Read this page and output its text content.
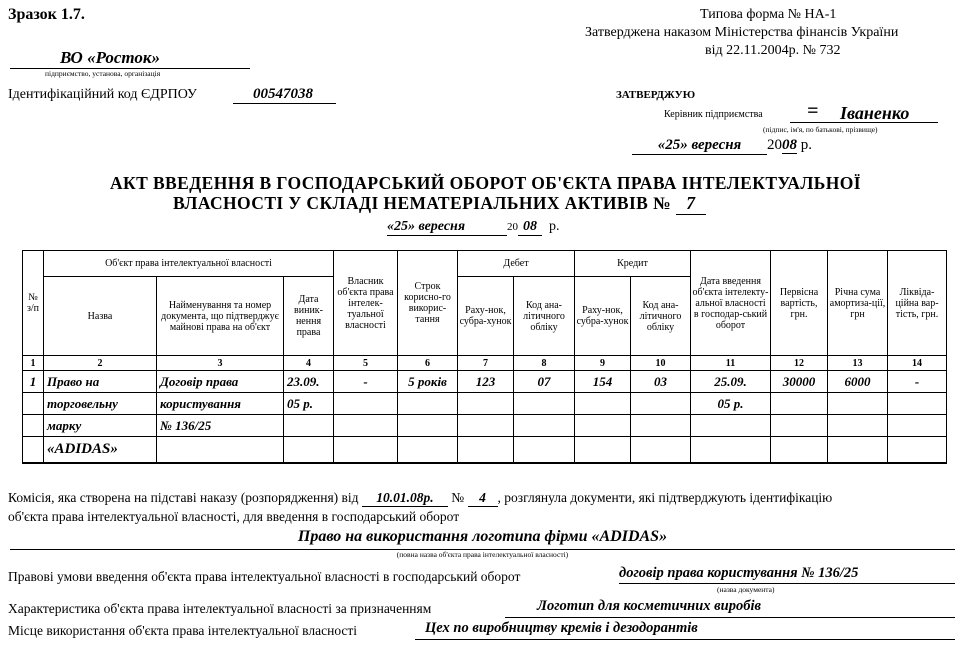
Зразок 1.7.	Типова форма № НА-1
Затверджена наказом Міністерства фінансів України
від 22.11.2004р. № 732
ВО «Росток»
підприємство, установа, організація
Ідентифікаційний код ЄДРПОУ	00547038	ЗАТВЕРДЖУЮ
Керівник підприємства = Іваненко
(підпис, ім'я, по батькові, прізвище)
«25» вересня 2008 р.
АКТ ВВЕДЕННЯ В ГОСПОДАРСЬКИЙ ОБОРОТ ОБ'ЄКТА ПРАВА ІНТЕЛЕКТУАЛЬНОЇ
ВЛАСНОСТІ У СКЛАДІ НЕМАТЕРІАЛЬНИХ АКТИВІВ № 7
«25» вересня	20 08 р.
№ з/п	Об'єкт права інтелектуальної власності			Власник об'єкта права інтелек-туальної власності	Строк корисно-го викорис-тання	Дебет		Кредит		Дата введення об'єкта інтелекту-альної власності в господар-ський оборот	Первісна вартість, грн.	Річна сума амортиза-ції, грн	Ліквіда-ційна вар-тість, грн.
	Назва	Найменування та номер документа, що підтверджує майнові права на об'єкт	Дата виник-нення права			Раху-нок, субра-хунок	Код ана-літичного обліку	Раху-нок, субра-хунок	Код ана-літичного обліку				
1	2	3	4	5	6	7	8	9	10	11	12	13	14
1	Право на	Договір права	23.09.	-	5 років	123	07	154	03	25.09.	30000	6000	-
	торговельну	користування	05 р.							05 р.			
	марку	№ 136/25											
	«ADIDAS»												
Комісія, яка створена на підставі наказу (розпорядження) від 10.01.08р. № 4 , розглянула документи, які підтверджують ідентифікацію
об'єкта права інтелектуальної власності, для введення в господарський оборот
Право на використання логотипа фірми «ADIDAS»
(повна назва об'єкта права інтелектуальної власності)
Правові умови введення об'єкта права інтелектуальної власності в господарський оборот	договір права користування № 136/25
(назва документа)
Характеристика об'єкта права інтелектуальної власності за призначенням	Логотип для косметичних виробів
Місце використання об'єкта права інтелектуальної власності	Цех по виробництву кремів і дезодорантів
